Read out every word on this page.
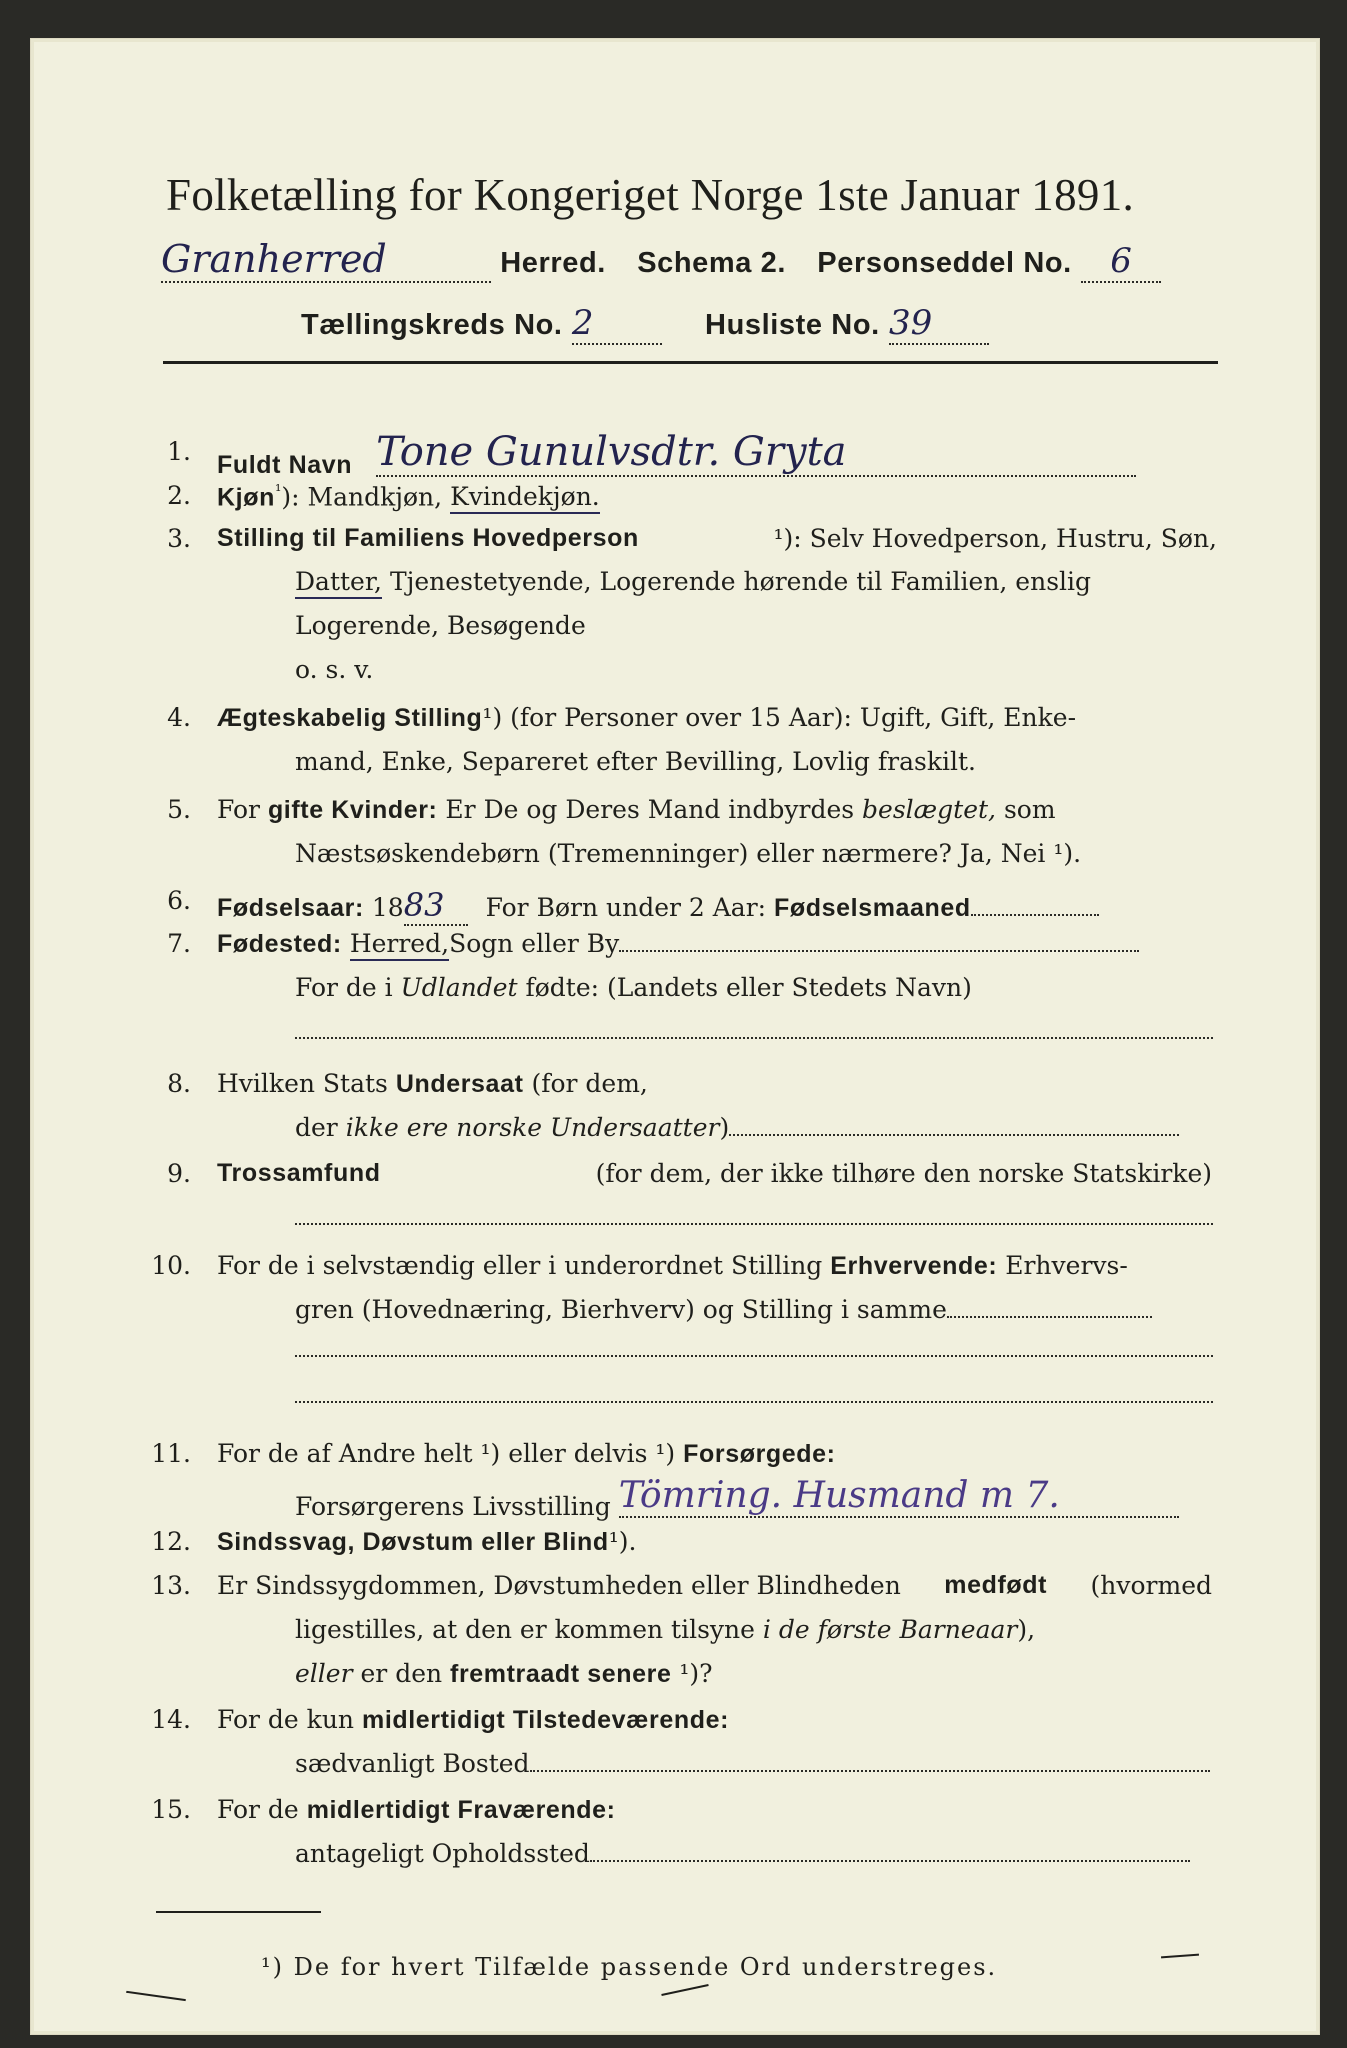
Folketælling for Kongeriget Norge 1ste Januar 1891.
Granherred	Herred. Schema 2. Personseddel No. 6
Tællingskreds No. 2	Husliste No. 39
1. Fuldt Navn Tone Gunulvsdtr. Gryta
2. Kjøn$^{^1}$): Mandkjøn, Kvindekjøn.
3. Stilling til Familiens Hovedperson	¹): Selv Hovedperson, Hustru, Søn,
Datter, Tjenestetyende, Logerende hørende til Familien, enslig
Logerende, Besøgende
o. s. v.
4. Ægteskabelig Stilling¹) (for Personer over 15 Aar): Ugift, Gift, Enke-
mand, Enke, Separeret efter Bevilling, Lovlig fraskilt.
5. For gifte Kvinder: Er De og Deres Mand indbyrdes beslægtet, som
Næstsøskendebørn (Tremenninger) eller nærmere? Ja, Nei ¹).
6. Fødselsaar: 1883 For Børn under 2 Aar: Fødselsmaaned
7. Fødested: Herred,Sogn eller By
For de i Udlandet fødte: (Landets eller Stedets Navn)
8. Hvilken Stats Undersaat (for dem,
der ikke ere norske Undersaatter)
9. Trossamfund	(for dem, der ikke tilhøre den norske Statskirke)
10. For de i selvstændig eller i underordnet Stilling Erhvervende: Erhvervs-
gren (Hovednæring, Bierhverv) og Stilling i samme
11. For de af Andre helt ¹) eller delvis ¹) Forsørgede:
Forsørgerens Livsstilling Tömring. Husmand m 7.
12. Sindssvag, Døvstum eller Blind¹).
13. Er Sindssygdommen, Døvstumheden eller Blindheden medfødt (hvormed
ligestilles, at den er kommen tilsyne i de første Barneaar),
eller er den fremtraadt senere ¹)?
14. For de kun midlertidigt Tilstedeværende:
sædvanligt Bosted
15. For de midlertidigt Fraværende:
antageligt Opholdssted
¹) De for hvert Tilfælde passende Ord understreges.
